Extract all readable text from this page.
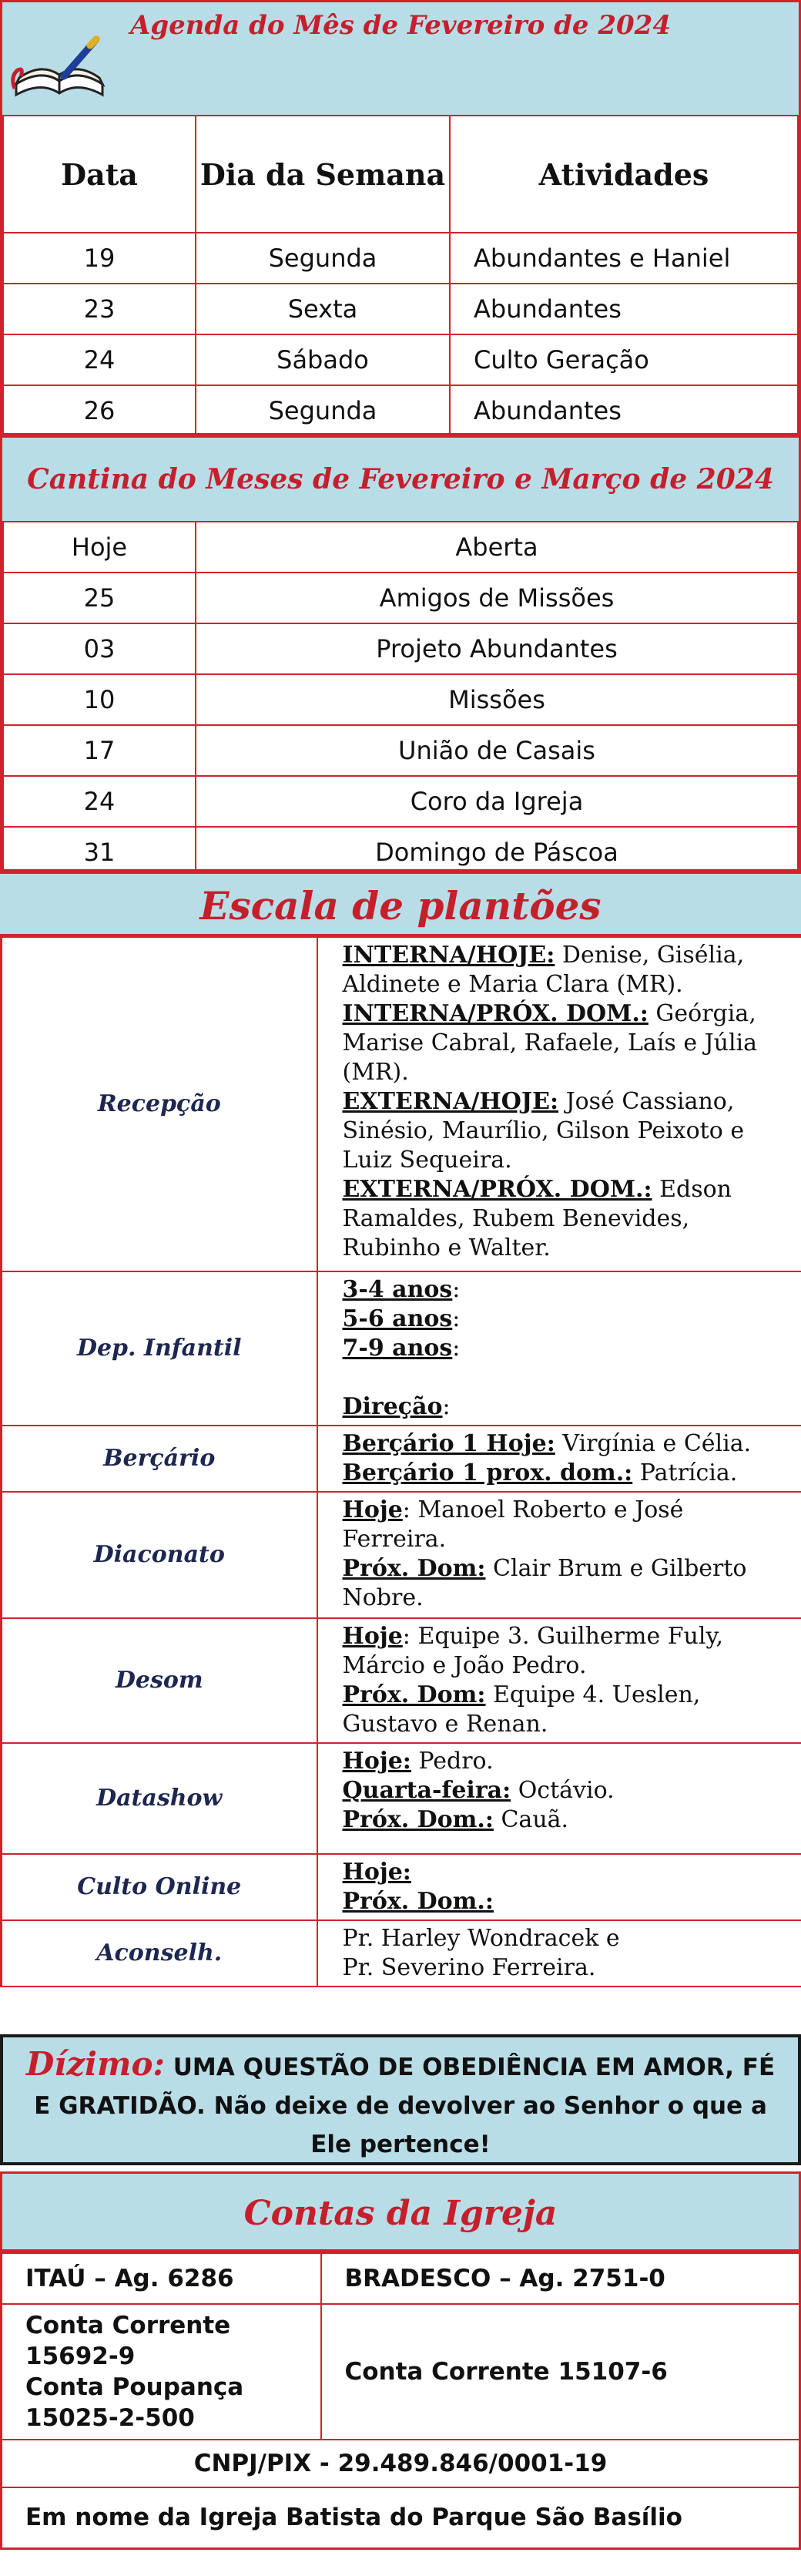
Agenda do Mês de Fevereiro de 2024
Data	Dia da Semana	Atividades
19	Segunda	Abundantes e Haniel
23	Sexta	Abundantes
24	Sábado	Culto Geração
26	Segunda	Abundantes
Cantina do Meses de Fevereiro e Março de 2024
Hoje	Aberta
25	Amigos de Missões
03	Projeto Abundantes
10	Missões
17	União de Casais
24	Coro da Igreja
31	Domingo de Páscoa
Escala de plantões
Recepção	INTERNA/HOJE: Denise, Gisélia, Aldinete e Maria Clara (MR).
INTERNA/PRÓX. DOM.: Geórgia, Marise Cabral, Rafaele, Laís e Júlia (MR).
EXTERNA/HOJE: José Cassiano, Sinésio, Maurílio, Gilson Peixoto e Luiz Sequeira.
EXTERNA/PRÓX. DOM.: Edson Ramaldes, Rubem Benevides, Rubinho e Walter.

Dep. Infantil	3-4 anos:
5-6 anos:
7-9 anos:
Direção:

Berçário	Berçário 1 Hoje: Virgínia e Célia.
Berçário 1 prox. dom.: Patrícia.

Diaconato	Hoje: Manoel Roberto e José Ferreira.
Próx. Dom: Clair Brum e Gilberto Nobre.

Desom	Hoje: Equipe 3. Guilherme Fuly, Márcio e João Pedro.
Próx. Dom: Equipe 4. Ueslen, Gustavo e Renan.

Datashow	Hoje: Pedro.
Quarta-feira: Octávio.
Próx. Dom.: Cauã.

Culto Online	Hoje:
Próx. Dom.:

Aconselh.	Pr. Harley Wondracek e
Pr. Severino Ferreira.
Dízimo: UMA QUESTÃO DE OBEDIÊNCIA EM AMOR, FÉ E GRATIDÃO. Não deixe de devolver ao Senhor o que a Ele pertence!
Contas da Igreja
ITAÚ – Ag. 6286	BRADESCO – Ag. 2751-0

Conta Corrente
15692-9
Conta Poupança
15025-2-500	Conta Corrente 15107-6
CNPJ/PIX - 29.489.846/0001-19	
Em nome da Igreja Batista do Parque São Basílio	
